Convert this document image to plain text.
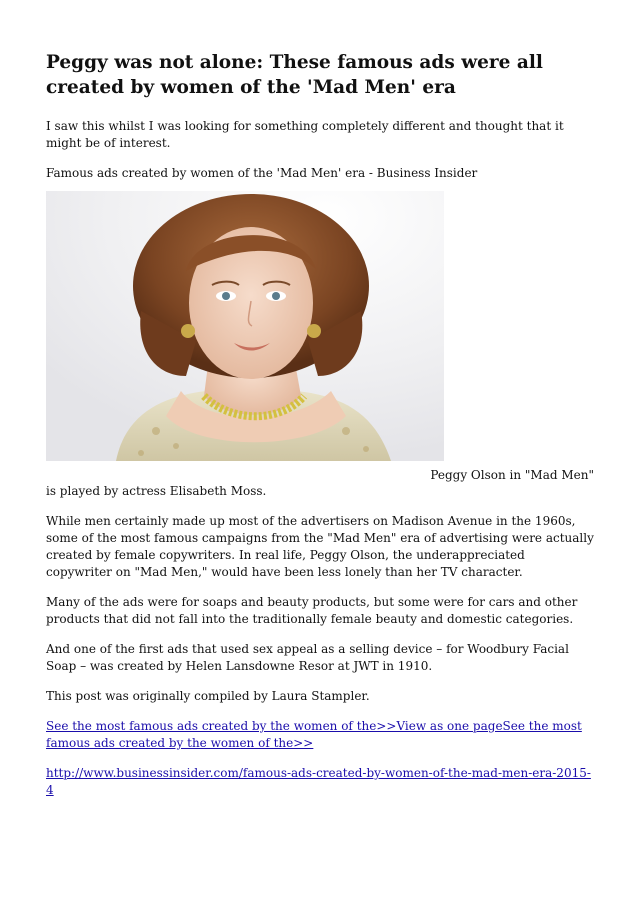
Peggy was not alone: These famous ads were all created by women of the 'Mad Men' era

I saw this whilst I was looking for something completely different and thought that it might be of interest.

Famous ads created by women of the 'Mad Men' era - Business Insider

Peggy Olson in "Mad Men"

is played by actress Elisabeth Moss.

While men certainly made up most of the advertisers on Madison Avenue in the 1960s, some of the most famous campaigns from the "Mad Men" era of advertising were actually created by female copywriters. In real life, Peggy Olson, the underappreciated copywriter on "Mad Men," would have been less lonely than her TV character.

Many of the ads were for soaps and beauty products, but some were for cars and other products that did not fall into the traditionally female beauty and domestic categories.

And one of the first ads that used sex appeal as a selling device – for Woodbury Facial Soap – was created by Helen Lansdowne Resor at JWT in 1910.

This post was originally compiled by Laura Stampler.

See the most famous ads created by the women of the>>View as one pageSee the most famous ads created by the women of the>>

http://www.businessinsider.com/famous-ads-created-by-women-of-the-mad-men-era-2015-4
